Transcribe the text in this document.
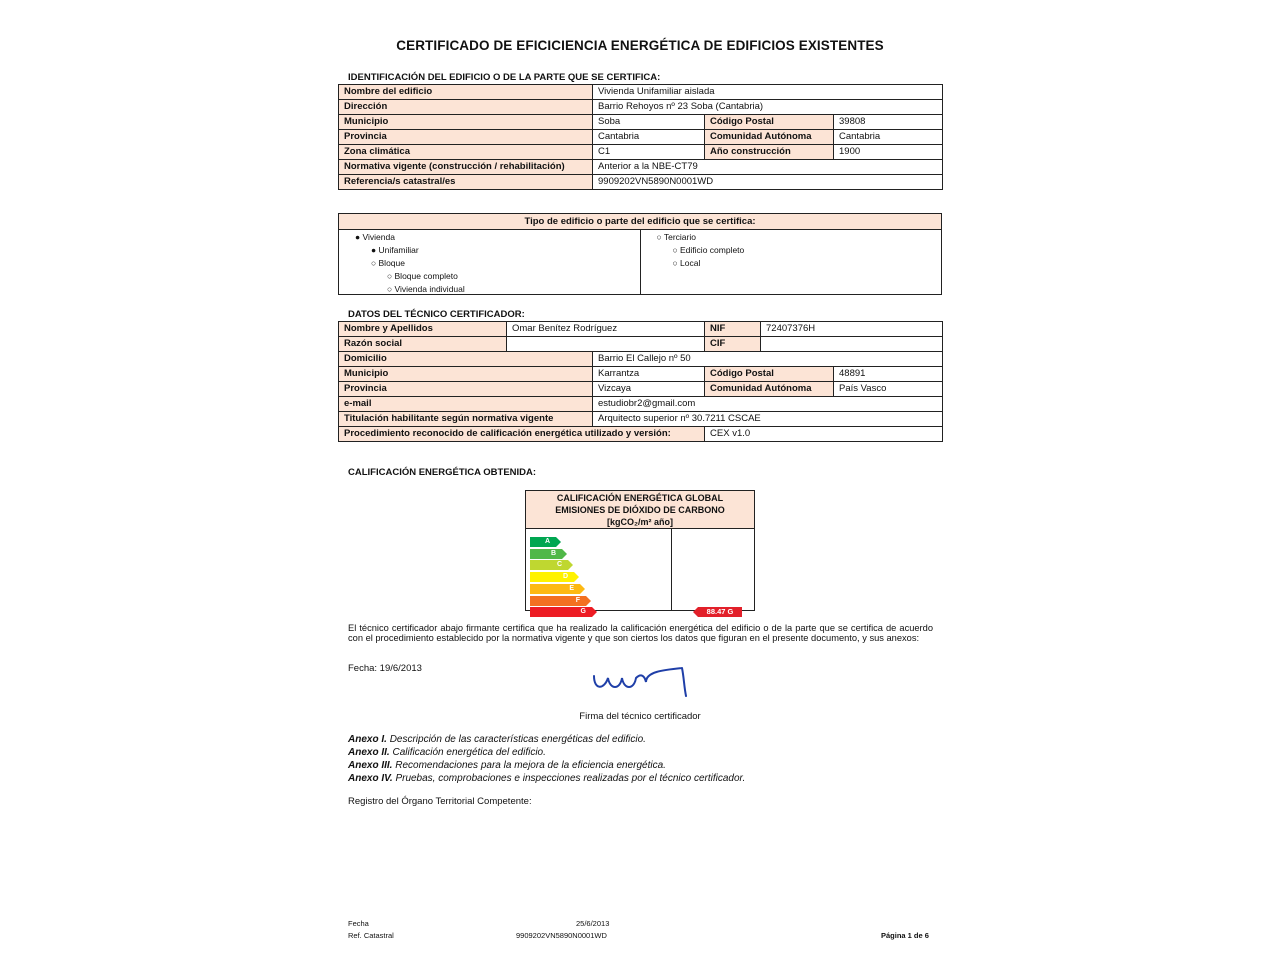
CERTIFICADO DE EFICICIENCIA ENERGÉTICA DE EDIFICIOS EXISTENTES
IDENTIFICACIÓN DEL EDIFICIO O DE LA PARTE QUE SE CERTIFICA:
Nombre del edificio	Vivienda Unifamiliar aislada		
Dirección	Barrio Rehoyos nº 23 Soba (Cantabria)		
Municipio	Soba	Código Postal	39808
Provincia	Cantabria	Comunidad Autónoma	Cantabria
Zona climática	C1	Año construcción	1900
Normativa vigente (construcción / rehabilitación)	Anterior a la NBE-CT79		
Referencia/s catastral/es	9909202VN5890N0001WD		
Tipo de edificio o parte del edificio que se certifica:
● Vivienda
● Unifamiliar
○ Bloque
○ Bloque completo
○ Vivienda individual
○ Terciario
○ Edificio completo
○ Local
DATOS DEL TÉCNICO CERTIFICADOR:
Nombre y Apellidos	Omar Benítez Rodríguez		NIF	72407376H	
Razón social			CIF		
Domicilio		Barrio El Callejo nº 50			
Municipio		Karrantza	Código Postal		48891
Provincia		Vizcaya	Comunidad Autónoma		País Vasco
e-mail		estudiobr2@gmail.com			
Titulación habilitante según normativa vigente		Arquitecto superior nº 30.7211 CSCAE			
Procedimiento reconocido de calificación energética utilizado y versión:			CEX v1.0		
CALIFICACIÓN ENERGÉTICA OBTENIDA:
CALIFICACIÓN ENERGÉTICA GLOBAL
EMISIONES DE DIÓXIDO DE CARBONO
[kgCO₂/m² año]
88.47 G
A
B
C
D
E
F
G
El técnico certificador abajo firmante certifica que ha realizado la calificación energética del edificio o de la parte que se certifica de acuerdo con el procedimiento establecido por la normativa vigente y que son ciertos los datos que figuran en el presente documento, y sus anexos:
Fecha: 19/6/2013
Firma del técnico certificador
Anexo I. Descripción de las características energéticas del edificio.
Anexo II. Calificación energética del edificio.
Anexo III. Recomendaciones para la mejora de la eficiencia energética.
Anexo IV. Pruebas, comprobaciones e inspecciones realizadas por el técnico certificador.
Registro del Órgano Territorial Competente:
Fecha	25/6/2013
Ref. Catastral	9909202VN5890N0001WD	Página 1 de 6
